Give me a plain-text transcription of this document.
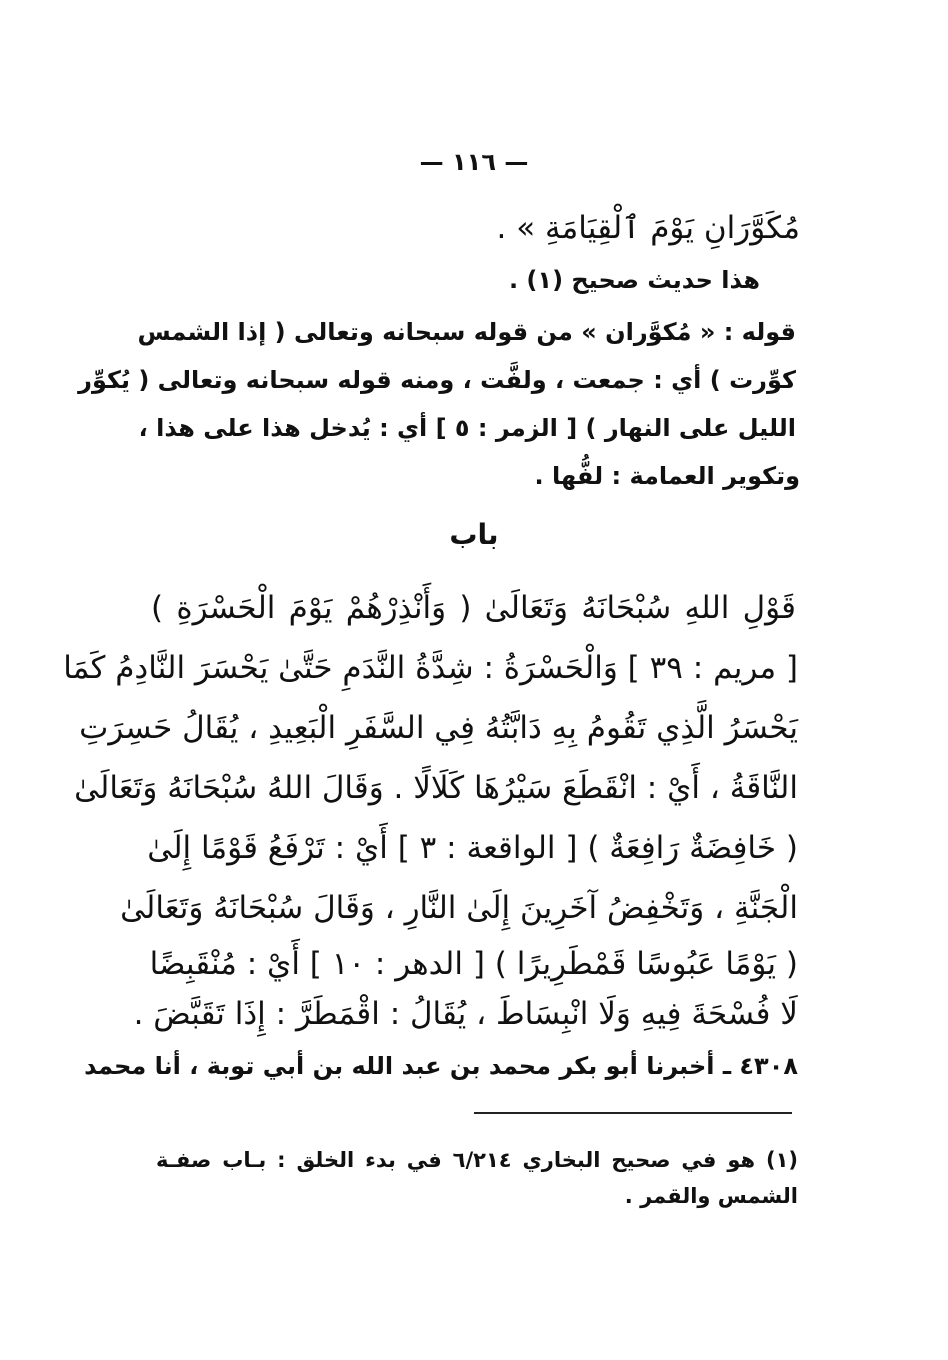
— ١١٦ —
مُكَوَّرَانِ يَوْمَ ٱلْقِيَامَةِ » .
هذا حديث صحيح (١) .
قوله : « مُكوَّران » من قوله سبحانه وتعالى ( إذا الشمس
كوِّرت ) أي : جمعت ، ولفَّت ، ومنه قوله سبحانه وتعالى ( يُكوِّر
الليل على النهار ) [ الزمر : ٥ ] أي : يُدخل هذا على هذا ،
وتكوير العمامة : لفُّها .
باب
قَوْلِ اللهِ سُبْحَانَهُ وَتَعَالَىٰ ( وَأَنْذِرْهُمْ يَوْمَ الْحَسْرَةِ )
[ مريم : ٣٩ ] وَالْحَسْرَةُ : شِدَّةُ النَّدَمِ حَتَّىٰ يَحْسَرَ النَّادِمُ كَمَا
يَحْسَرُ الَّذِي تَقُومُ بِهِ دَابَّتُهُ فِي السَّفَرِ الْبَعِيدِ ، يُقَالُ حَسِرَتِ
النَّاقَةُ ، أَيْ : انْقَطَعَ سَيْرُهَا كَلَالًا . وَقَالَ اللهُ سُبْحَانَهُ وَتَعَالَىٰ
( خَافِضَةٌ رَافِعَةٌ ) [ الواقعة : ٣ ] أَيْ : تَرْفَعُ قَوْمًا إِلَىٰ
الْجَنَّةِ ، وَتَخْفِضُ آخَرِينَ إِلَىٰ النَّارِ ، وَقَالَ سُبْحَانَهُ وَتَعَالَىٰ
( يَوْمًا عَبُوسًا قَمْطَرِيرًا ) [ الدهر : ١٠ ] أَيْ : مُنْقَبِضًا
لَا فُسْحَةَ فِيهِ وَلَا انْبِسَاطَ ، يُقَالُ : اقْمَطَرَّ : إِذَا تَقَبَّضَ .
٤٣٠٨ ـ أخبرنا أبو بكر محمد بن عبد الله بن أبي توبة ، أنا محمد
(١) هو في صحيح البخاري ٦/٢١٤ في بدء الخلق : بـاب صفـة
الشمس والقمر .
